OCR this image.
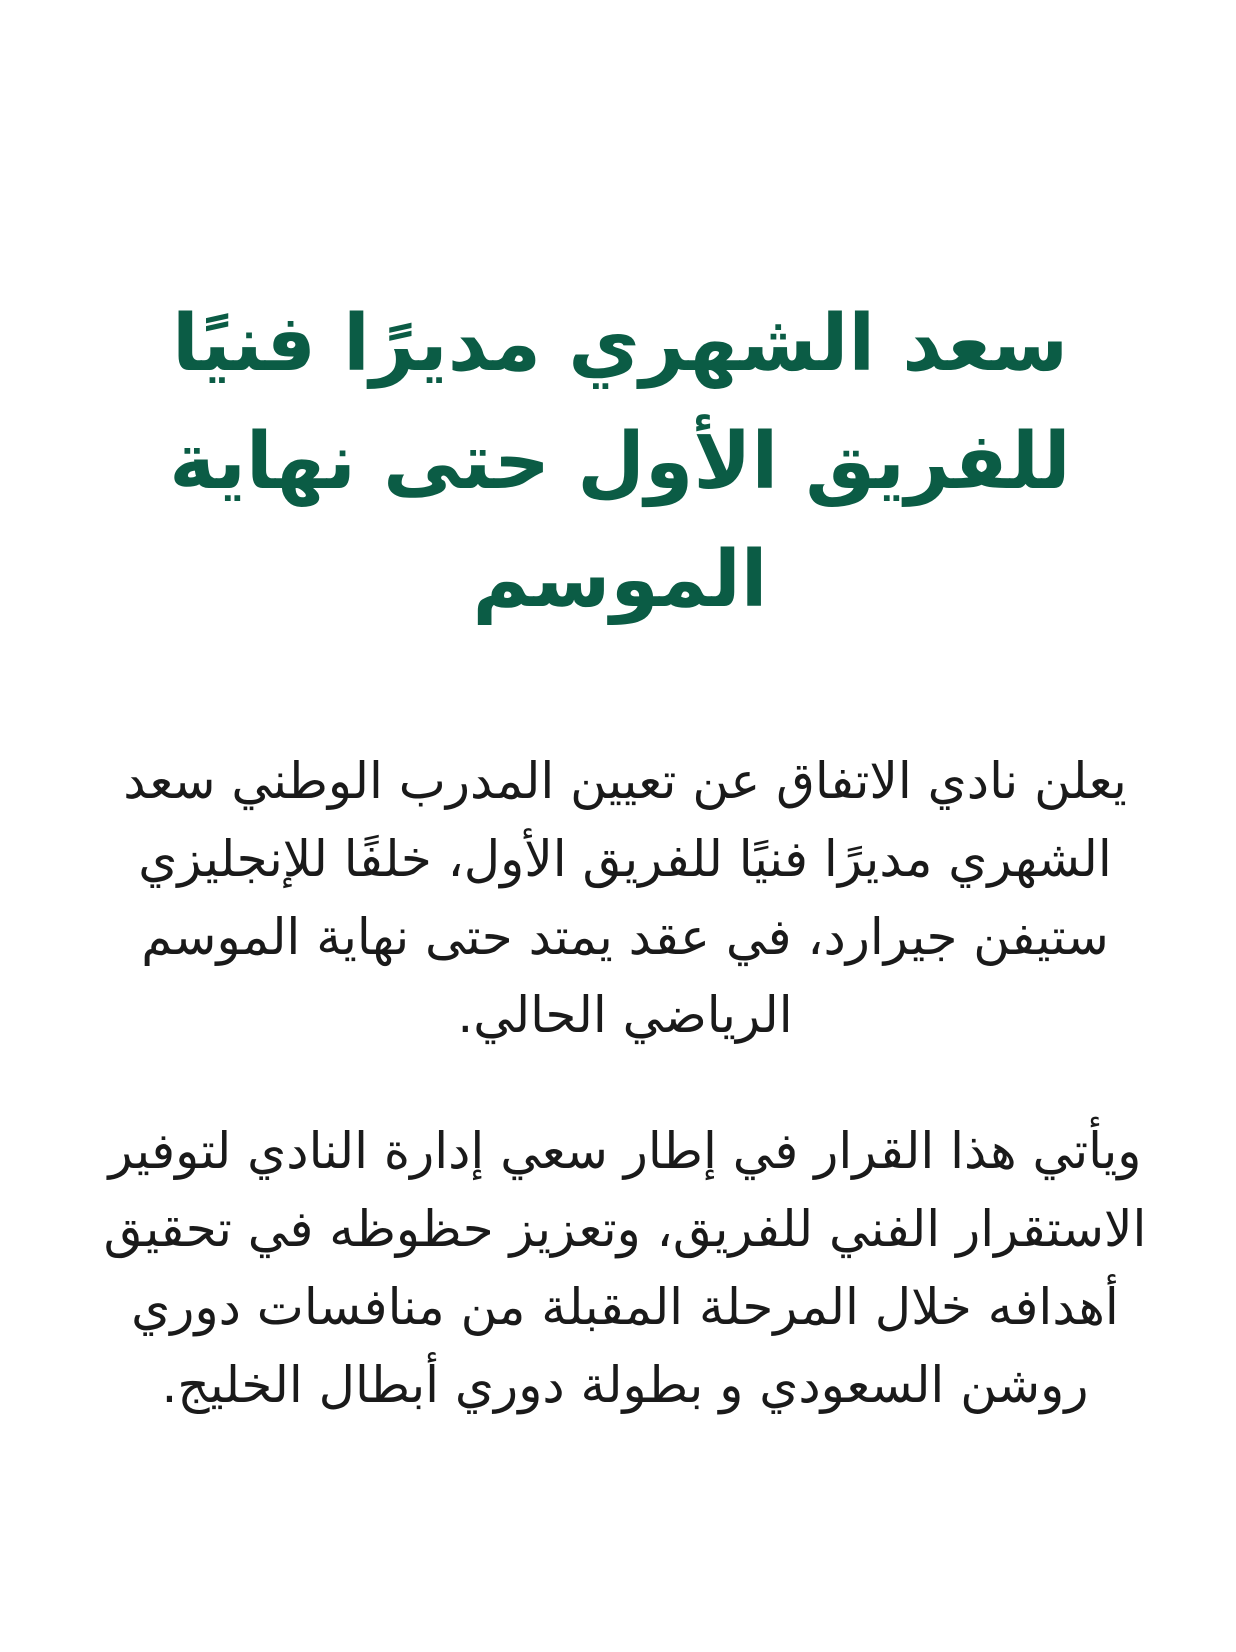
سعد الشهري مديرًا فنيًا للفريق الأول حتى نهاية الموسم

يعلن نادي الاتفاق عن تعيين المدرب الوطني سعد الشهري مديرًا فنيًا للفريق الأول، خلفًا للإنجليزي ستيفن جيرارد، في عقد يمتد حتى نهاية الموسم الرياضي الحالي.

ويأتي هذا القرار في إطار سعي إدارة النادي لتوفير الاستقرار الفني للفريق، وتعزيز حظوظه في تحقيق أهدافه خلال المرحلة المقبلة من منافسات دوري روشن السعودي و بطولة دوري أبطال الخليج.
